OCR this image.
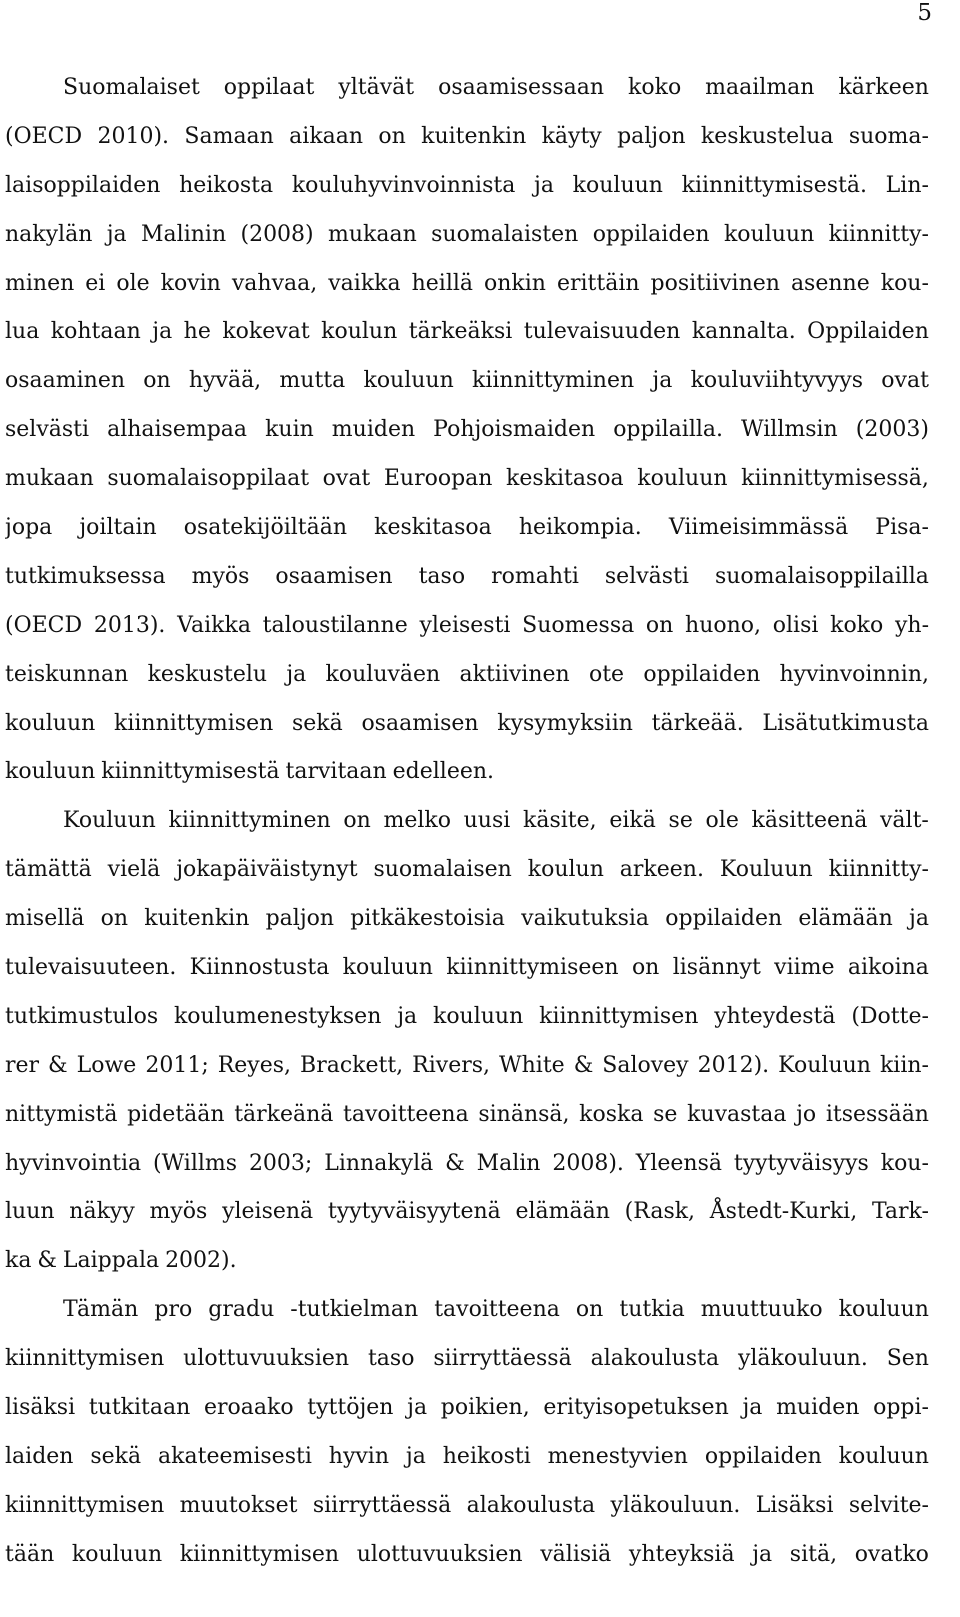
5
Suomalaiset oppilaat yltävät osaamisessaan koko maailman kärkeen
(OECD 2010). Samaan aikaan on kuitenkin käyty paljon keskustelua suoma-
laisoppilaiden heikosta kouluhyvinvoinnista ja kouluun kiinnittymisestä. Lin-
nakylän ja Malinin (2008) mukaan suomalaisten oppilaiden kouluun kiinnitty-
minen ei ole kovin vahvaa, vaikka heillä onkin erittäin positiivinen asenne kou-
lua kohtaan ja he kokevat koulun tärkeäksi tulevaisuuden kannalta. Oppilaiden
osaaminen on hyvää, mutta kouluun kiinnittyminen ja kouluviihtyvyys ovat
selvästi alhaisempaa kuin muiden Pohjoismaiden oppilailla. Willmsin (2003)
mukaan suomalaisoppilaat ovat Euroopan keskitasoa kouluun kiinnittymisessä,
jopa joiltain osatekijöiltään keskitasoa heikompia. Viimeisimmässä Pisa-
tutkimuksessa myös osaamisen taso romahti selvästi suomalaisoppilailla
(OECD 2013). Vaikka taloustilanne yleisesti Suomessa on huono, olisi koko yh-
teiskunnan keskustelu ja kouluväen aktiivinen ote oppilaiden hyvinvoinnin,
kouluun kiinnittymisen sekä osaamisen kysymyksiin tärkeää. Lisätutkimusta
kouluun kiinnittymisestä tarvitaan edelleen.
Kouluun kiinnittyminen on melko uusi käsite, eikä se ole käsitteenä vält-
tämättä vielä jokapäiväistynyt suomalaisen koulun arkeen. Kouluun kiinnitty-
misellä on kuitenkin paljon pitkäkestoisia vaikutuksia oppilaiden elämään ja
tulevaisuuteen. Kiinnostusta kouluun kiinnittymiseen on lisännyt viime aikoina
tutkimustulos koulumenestyksen ja kouluun kiinnittymisen yhteydestä (Dotte-
rer & Lowe 2011; Reyes, Brackett, Rivers, White & Salovey 2012). Kouluun kiin-
nittymistä pidetään tärkeänä tavoitteena sinänsä, koska se kuvastaa jo itsessään
hyvinvointia (Willms 2003; Linnakylä & Malin 2008). Yleensä tyytyväisyys kou-
luun näkyy myös yleisenä tyytyväisyytenä elämään (Rask, Åstedt-Kurki, Tark-
ka & Laippala 2002).
Tämän pro gradu -tutkielman tavoitteena on tutkia muuttuuko kouluun
kiinnittymisen ulottuvuuksien taso siirryttäessä alakoulusta yläkouluun. Sen
lisäksi tutkitaan eroaako tyttöjen ja poikien, erityisopetuksen ja muiden oppi-
laiden sekä akateemisesti hyvin ja heikosti menestyvien oppilaiden kouluun
kiinnittymisen muutokset siirryttäessä alakoulusta yläkouluun. Lisäksi selvite-
tään kouluun kiinnittymisen ulottuvuuksien välisiä yhteyksiä ja sitä, ovatko
